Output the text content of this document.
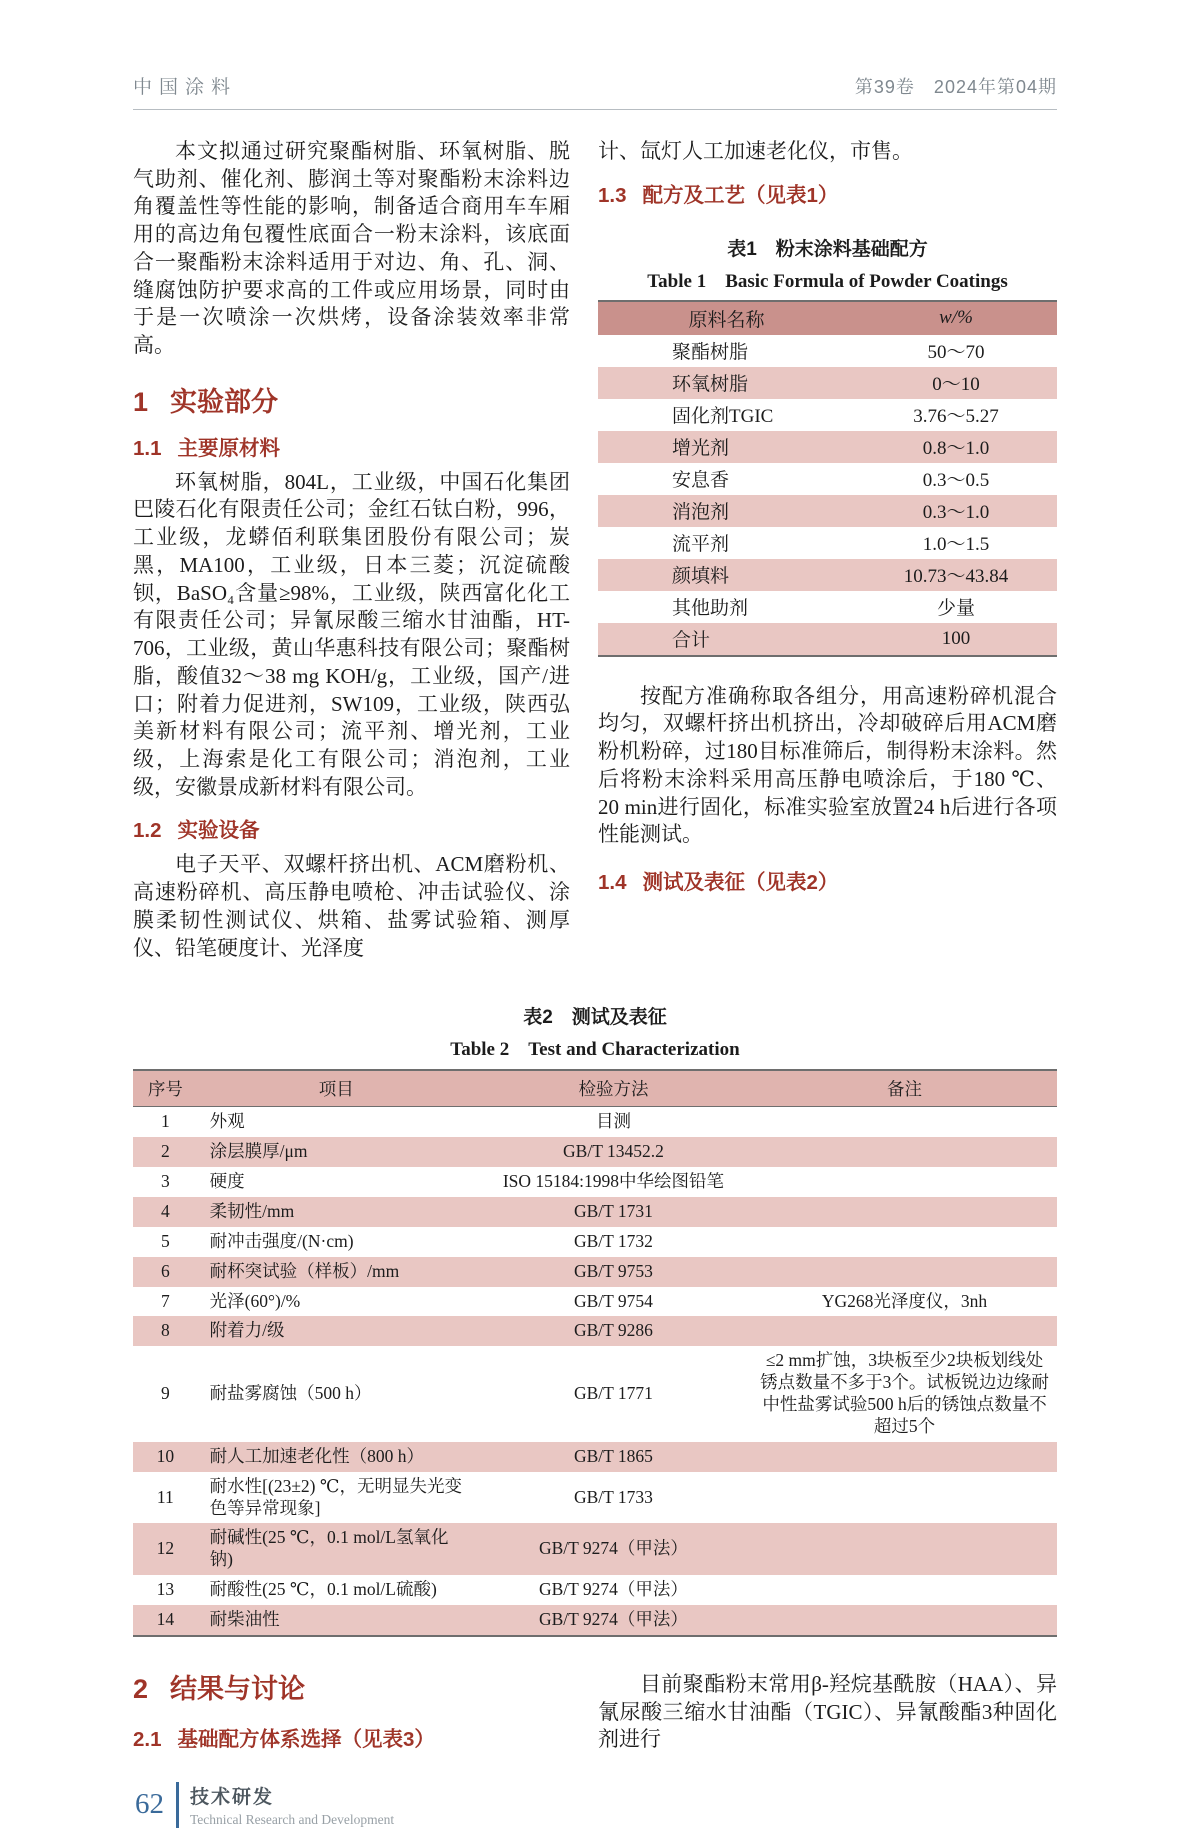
中国涂料	第39卷　2024年第04期

本文拟通过研究聚酯树脂、环氧树脂、脱气助剂、催化剂、膨润土等对聚酯粉末涂料边角覆盖性等性能的影响，制备适合商用车车厢用的高边角包覆性底面合一粉末涂料，该底面合一聚酯粉末涂料适用于对边、角、孔、洞、缝腐蚀防护要求高的工件或应用场景，同时由于是一次喷涂一次烘烤，设备涂装效率非常高。

1 实验部分
1.1 主要原材料

环氧树脂，804L，工业级，中国石化集团巴陵石化有限责任公司；金红石钛白粉，996，工业级，龙蟒佰利联集团股份有限公司；炭黑，MA100，工业级，日本三菱；沉淀硫酸钡，BaSO₄含量≥98%，工业级，陕西富化化工有限责任公司；异氰尿酸三缩水甘油酯，HT-706，工业级，黄山华惠科技有限公司；聚酯树脂，酸值32～38 mg KOH/g，工业级，国产/进口；附着力促进剂，SW109，工业级，陕西弘美新材料有限公司；流平剂、增光剂，工业级，上海索是化工有限公司；消泡剂，工业级，安徽景成新材料有限公司。

1.2 实验设备

电子天平、双螺杆挤出机、ACM磨粉机、高速粉碎机、高压静电喷枪、冲击试验仪、涂膜柔韧性测试仪、烘箱、盐雾试验箱、测厚仪、铅笔硬度计、光泽度

计、氙灯人工加速老化仪，市售。

1.3 配方及工艺（见表1）
表1　粉末涂料基础配方
Table 1　Basic Formula of Powder Coatings
原料名称	w/%
聚酯树脂	50～70
环氧树脂	0～10
固化剂TGIC	3.76～5.27
增光剂	0.8～1.0
安息香	0.3～0.5
消泡剂	0.3～1.0
流平剂	1.0～1.5
颜填料	10.73～43.84
其他助剂	少量
合计	100

按配方准确称取各组分，用高速粉碎机混合均匀，双螺杆挤出机挤出，冷却破碎后用ACM磨粉机粉碎，过180目标准筛后，制得粉末涂料。然后将粉末涂料采用高压静电喷涂后，于180 ℃、20 min进行固化，标准实验室放置24 h后进行各项性能测试。

1.4 测试及表征（见表2）
表2　测试及表征
Table 2　Test and Characterization
序号	项目	检验方法	备注
1	外观	目测	
2	涂层膜厚/μm	GB/T 13452.2	
3	硬度	ISO 15184:1998中华绘图铅笔	
4	柔韧性/mm	GB/T 1731	
5	耐冲击强度/(N·cm)	GB/T 1732	
6	耐杯突试验（样板）/mm	GB/T 9753	
7	光泽(60°)/%	GB/T 9754	YG268光泽度仪，3nh
8	附着力/级	GB/T 9286	
9	耐盐雾腐蚀（500 h）	GB/T 1771	≤2 mm扩蚀，3块板至少2块板划线处锈点数量不多于3个。试板锐边边缘耐中性盐雾试验500 h后的锈蚀点数量不超过5个
10	耐人工加速老化性（800 h）	GB/T 1865	
11	耐水性[(23±2) ℃，无明显失光变色等异常现象]	GB/T 1733	
12	耐碱性(25 ℃，0.1 mol/L氢氧化钠)	GB/T 9274（甲法）	
13	耐酸性(25 ℃，0.1 mol/L硫酸)	GB/T 9274（甲法）	
14	耐柴油性	GB/T 9274（甲法）	
2 结果与讨论
2.1 基础配方体系选择（见表3）

目前聚酯粉末常用β-羟烷基酰胺（HAA）、异氰尿酸三缩水甘油酯（TGIC）、异氰酸酯3种固化剂进行

62 技术研发
Technical Research and Development
